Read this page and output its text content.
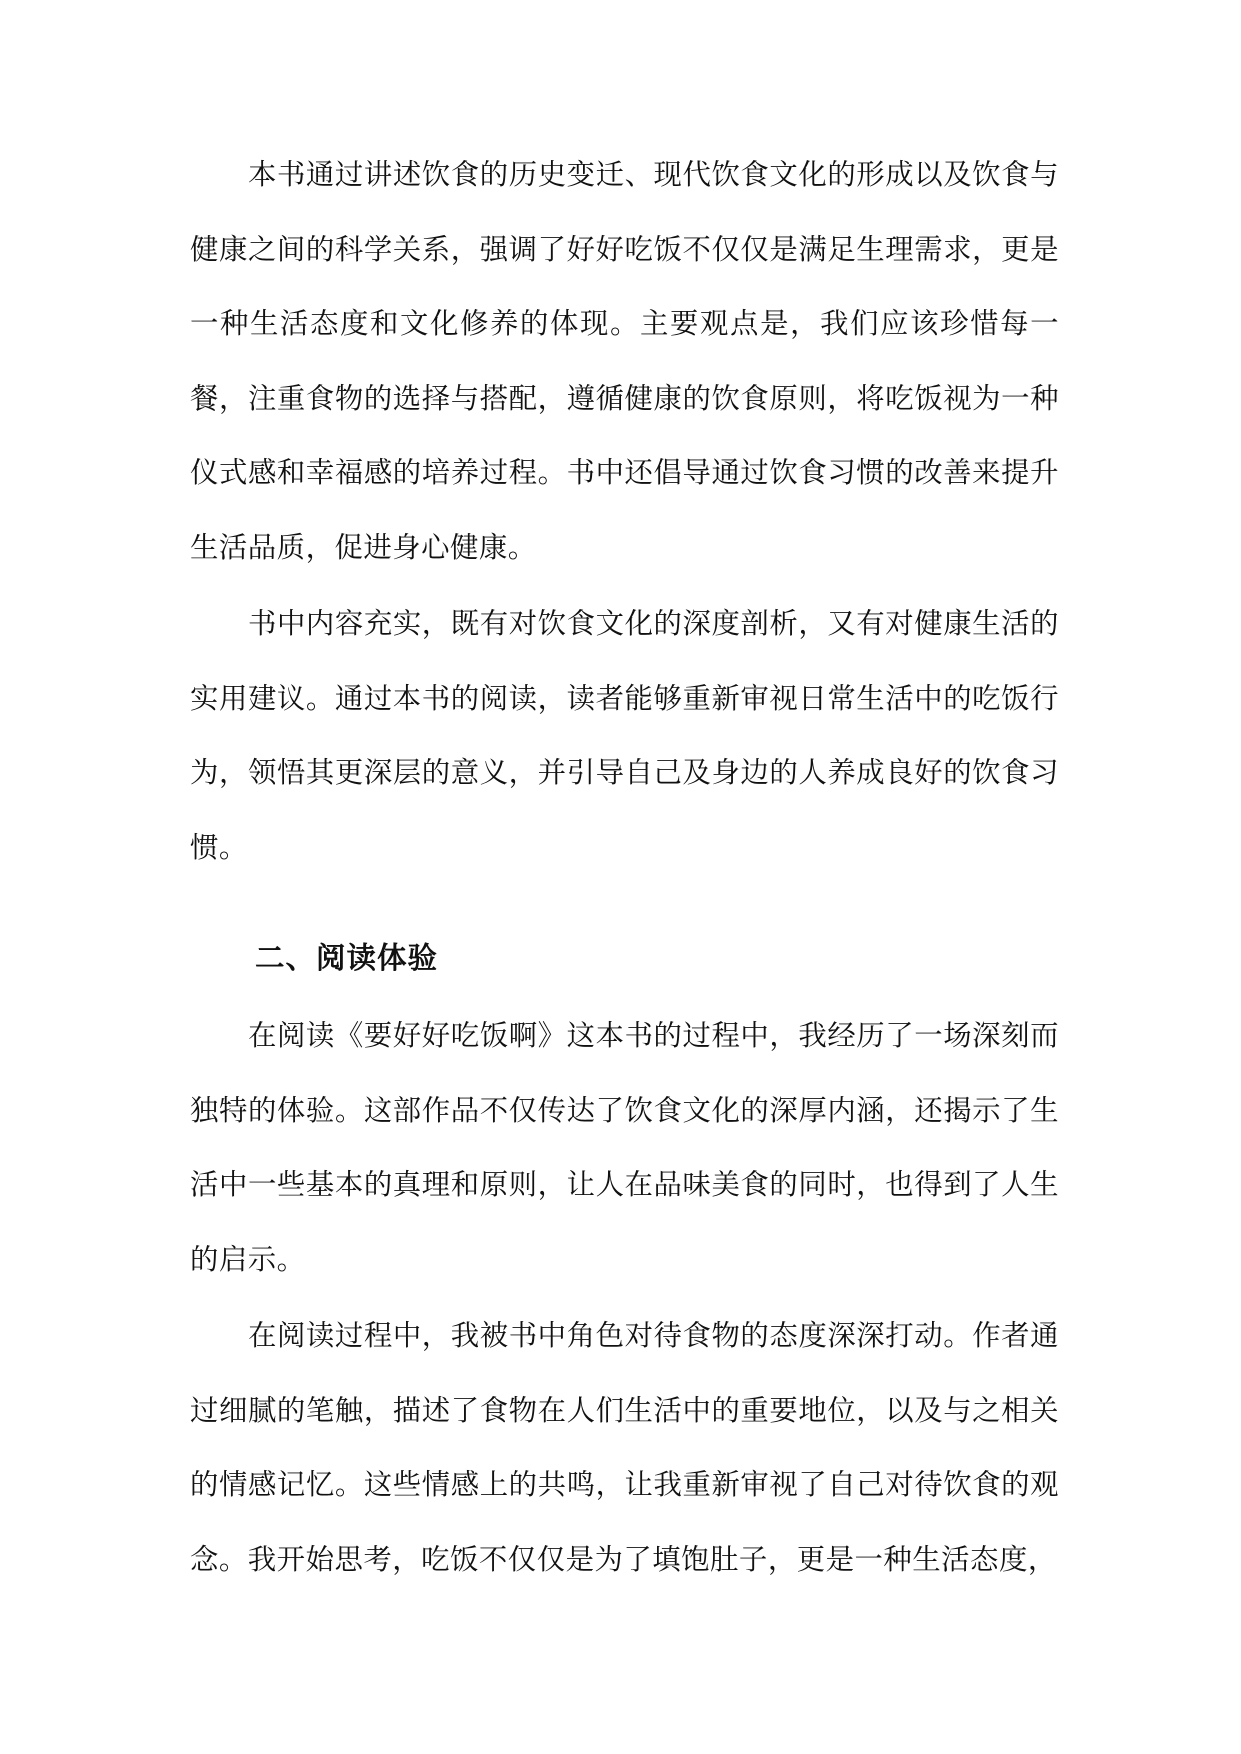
本书通过讲述饮食的历史变迁、现代饮食文化的形成以及饮食与健康之间的科学关系，强调了好好吃饭不仅仅是满足生理需求，更是一种生活态度和文化修养的体现。主要观点是，我们应该珍惜每一餐，注重食物的选择与搭配，遵循健康的饮食原则，将吃饭视为一种仪式感和幸福感的培养过程。书中还倡导通过饮食习惯的改善来提升生活品质，促进身心健康。

书中内容充实，既有对饮食文化的深度剖析，又有对健康生活的实用建议。通过本书的阅读，读者能够重新审视日常生活中的吃饭行为，领悟其更深层的意义，并引导自己及身边的人养成良好的饮食习惯。

二、阅读体验

在阅读《要好好吃饭啊》这本书的过程中，我经历了一场深刻而独特的体验。这部作品不仅传达了饮食文化的深厚内涵，还揭示了生活中一些基本的真理和原则，让人在品味美食的同时，也得到了人生的启示。

在阅读过程中，我被书中角色对待食物的态度深深打动。作者通过细腻的笔触，描述了食物在人们生活中的重要地位，以及与之相关的情感记忆。这些情感上的共鸣，让我重新审视了自己对待饮食的观念。我开始思考，吃饭不仅仅是为了填饱肚子，更是一种生活态度，
